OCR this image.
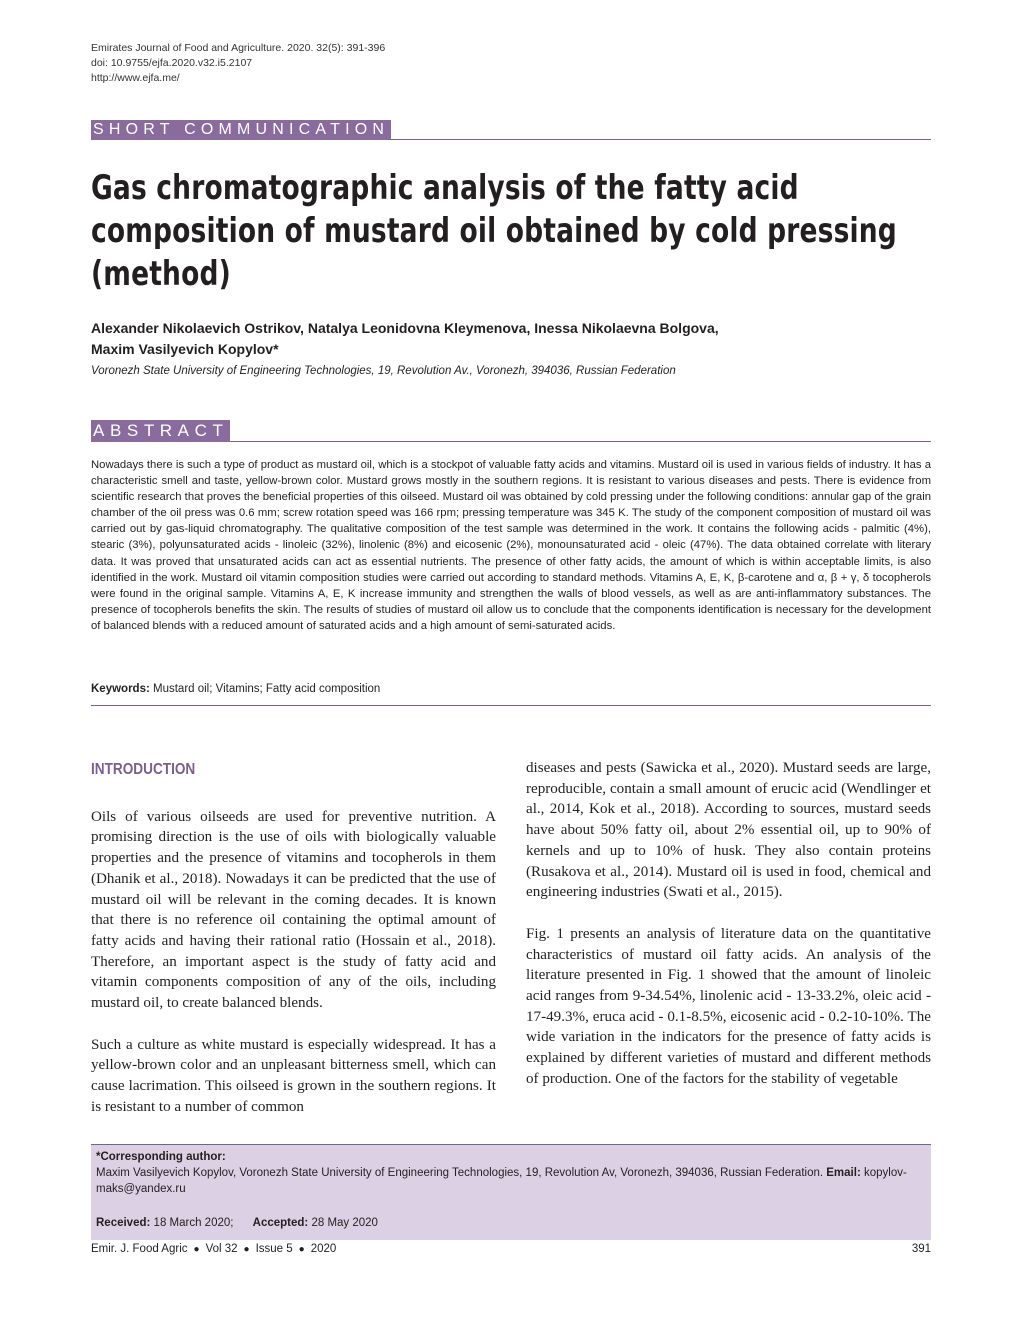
Emirates Journal of Food and Agriculture. 2020. 32(5): 391-396
doi: 10.9755/ejfa.2020.v32.i5.2107
http://www.ejfa.me/
SHORT COMMUNICATION
Gas chromatographic analysis of the fatty acid composition of mustard oil obtained by cold pressing (method)
Alexander Nikolaevich Ostrikov, Natalya Leonidovna Kleymenova, Inessa Nikolaevna Bolgova,
Maxim Vasilyevich Kopylov*
Voronezh State University of Engineering Technologies, 19, Revolution Av., Voronezh, 394036, Russian Federation
ABSTRACT
Nowadays there is such a type of product as mustard oil, which is a stockpot of valuable fatty acids and vitamins. Mustard oil is used in various fields of industry. It has a characteristic smell and taste, yellow-brown color. Mustard grows mostly in the southern regions. It is resistant to various diseases and pests. There is evidence from scientific research that proves the beneficial properties of this oilseed. Mustard oil was obtained by cold pressing under the following conditions: annular gap of the grain chamber of the oil press was 0.6 mm; screw rotation speed was 166 rpm; pressing temperature was 345 K. The study of the component composition of mustard oil was carried out by gas-liquid chromatography. The qualitative composition of the test sample was determined in the work. It contains the following acids - palmitic (4%), stearic (3%), polyunsaturated acids - linoleic (32%), linolenic (8%) and eicosenic (2%), monounsaturated acid - oleic (47%). The data obtained correlate with literary data. It was proved that unsaturated acids can act as essential nutrients. The presence of other fatty acids, the amount of which is within acceptable limits, is also identified in the work. Mustard oil vitamin composition studies were carried out according to standard methods. Vitamins A, E, K, β-carotene and α, β + γ, δ tocopherols were found in the original sample. Vitamins A, E, K increase immunity and strengthen the walls of blood vessels, as well as are anti-inflammatory substances. The presence of tocopherols benefits the skin. The results of studies of mustard oil allow us to conclude that the components identification is necessary for the development of balanced blends with a reduced amount of saturated acids and a high amount of semi-saturated acids.
Keywords: Mustard oil; Vitamins; Fatty acid composition
INTRODUCTION

Oils of various oilseeds are used for preventive nutrition. A promising direction is the use of oils with biologically valuable properties and the presence of vitamins and tocopherols in them (Dhanik et al., 2018). Nowadays it can be predicted that the use of mustard oil will be relevant in the coming decades. It is known that there is no reference oil containing the optimal amount of fatty acids and having their rational ratio (Hossain et al., 2018). Therefore, an important aspect is the study of fatty acid and vitamin components composition of any of the oils, including mustard oil, to create balanced blends.

Such a culture as white mustard is especially widespread. It has a yellow-brown color and an unpleasant bitterness smell, which can cause lacrimation. This oilseed is grown in the southern regions. It is resistant to a number of common

diseases and pests (Sawicka et al., 2020). Mustard seeds are large, reproducible, contain a small amount of erucic acid (Wendlinger et al., 2014, Kok et al., 2018). According to sources, mustard seeds have about 50% fatty oil, about 2% essential oil, up to 90% of kernels and up to 10% of husk. They also contain proteins (Rusakova et al., 2014). Mustard oil is used in food, chemical and engineering industries (Swati et al., 2015).

Fig. 1 presents an analysis of literature data on the quantitative characteristics of mustard oil fatty acids. An analysis of the literature presented in Fig. 1 showed that the amount of linoleic acid ranges from 9-34.54%, linolenic acid - 13-33.2%, oleic acid - 17-49.3%, eruca acid - 0.1-8.5%, eicosenic acid - 0.2-10-10%. The wide variation in the indicators for the presence of fatty acids is explained by different varieties of mustard and different methods of production. One of the factors for the stability of vegetable

*Corresponding author:
Maxim Vasilyevich Kopylov, Voronezh State University of Engineering Technologies, 19, Revolution Av, Voronezh, 394036, Russian Federation. Email: kopylov-maks@yandex.ru
Received: 18 March 2020; Accepted: 28 May 2020
Emir. J. Food Agric ● Vol 32 ● Issue 5 ● 2020	391
